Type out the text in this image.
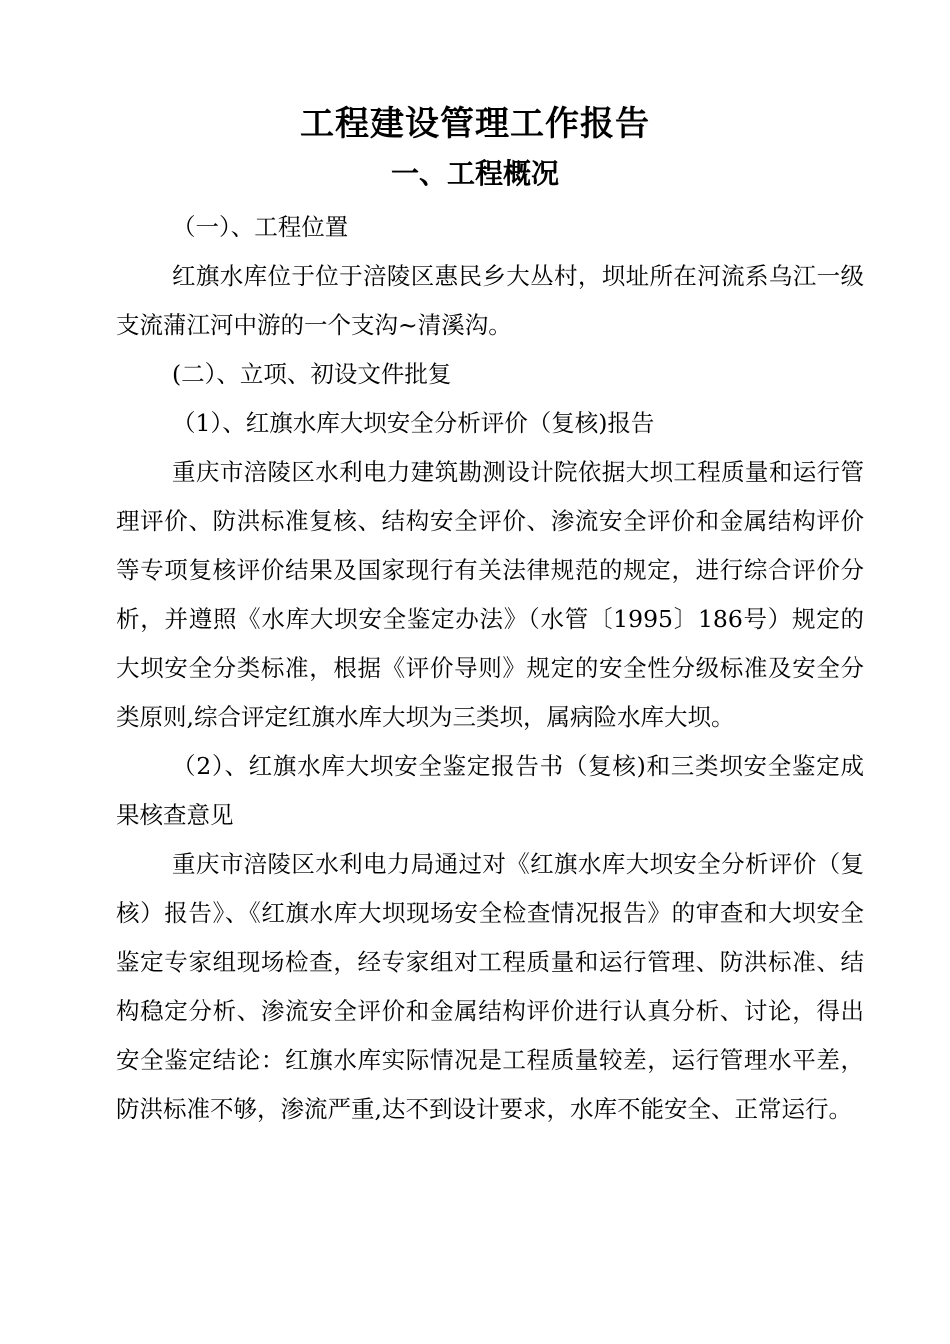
工程建设管理工作报告
一、工程概况

（一）、工程位置

红旗水库位于位于涪陵区惠民乡大丛村，坝址所在河流系乌江一级支流蒲江河中游的一个支沟~清溪沟。

(二）、立项、初设文件批复

（1）、红旗水库大坝安全分析评价（复核)报告

重庆市涪陵区水利电力建筑勘测设计院依据大坝工程质量和运行管理评价、防洪标准复核、结构安全评价、渗流安全评价和金属结构评价等专项复核评价结果及国家现行有关法律规范的规定，进行综合评价分析，并遵照《水库大坝安全鉴定办法》（水管〔1995〕186号）规定的大坝安全分类标准，根据《评价导则》规定的安全性分级标准及安全分类原则,综合评定红旗水库大坝为三类坝，属病险水库大坝。

（2）、红旗水库大坝安全鉴定报告书（复核)和三类坝安全鉴定成果核查意见

重庆市涪陵区水利电力局通过对《红旗水库大坝安全分析评价（复核）报告》、《红旗水库大坝现场安全检查情况报告》的审查和大坝安全鉴定专家组现场检查，经专家组对工程质量和运行管理、防洪标准、结构稳定分析、渗流安全评价和金属结构评价进行认真分析、讨论，得出安全鉴定结论：红旗水库实际情况是工程质量较差，运行管理水平差，防洪标准不够，渗流严重,达不到设计要求，水库不能安全、正常运行。
